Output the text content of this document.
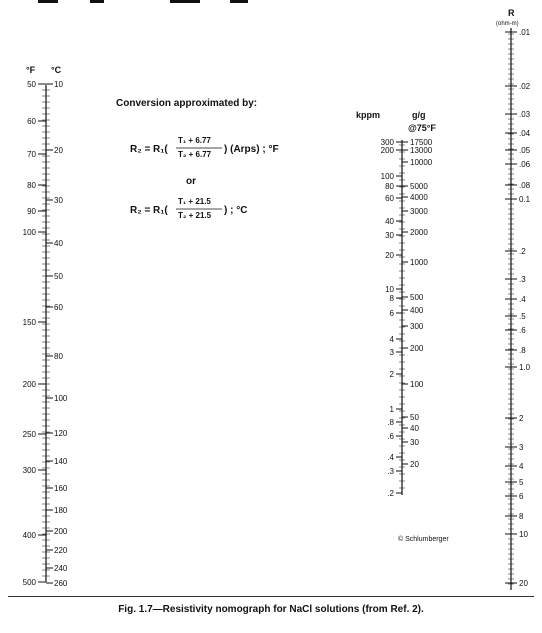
°F °C
50
60
70
80
90
100
150
200
250
300
400
500
10
20
30
40
50
60
80
100
120
140
160
180
200
220
240
260
Conversion approximated by:
R₂ = R₁(
T₁ + 6.77
T₂ + 6.77 ) (Arps) ; °F
or
R₂ = R₁(
T₁ + 21.5
T₂ + 21.5 ) ; °C
kppm	g/g
@75°F
300
200
100
80
60
40
30
20
10
8
6
4
3
2
1
.8
.6
.4
.3
.2
17500
13000
10000
5000
4000
3000
2000
1000
500
400
300
200
100
50
40
30
20
© Schlumberger
R
(ohm-m)
.01
.02
.03
.04
.05
.06
.08
0.1
.2
.3
.4
.5
.6
.8
1.0
2
3
4
5
6
8
10
20
Fig. 1.7—Resistivity nomograph for NaCl solutions (from Ref. 2).
